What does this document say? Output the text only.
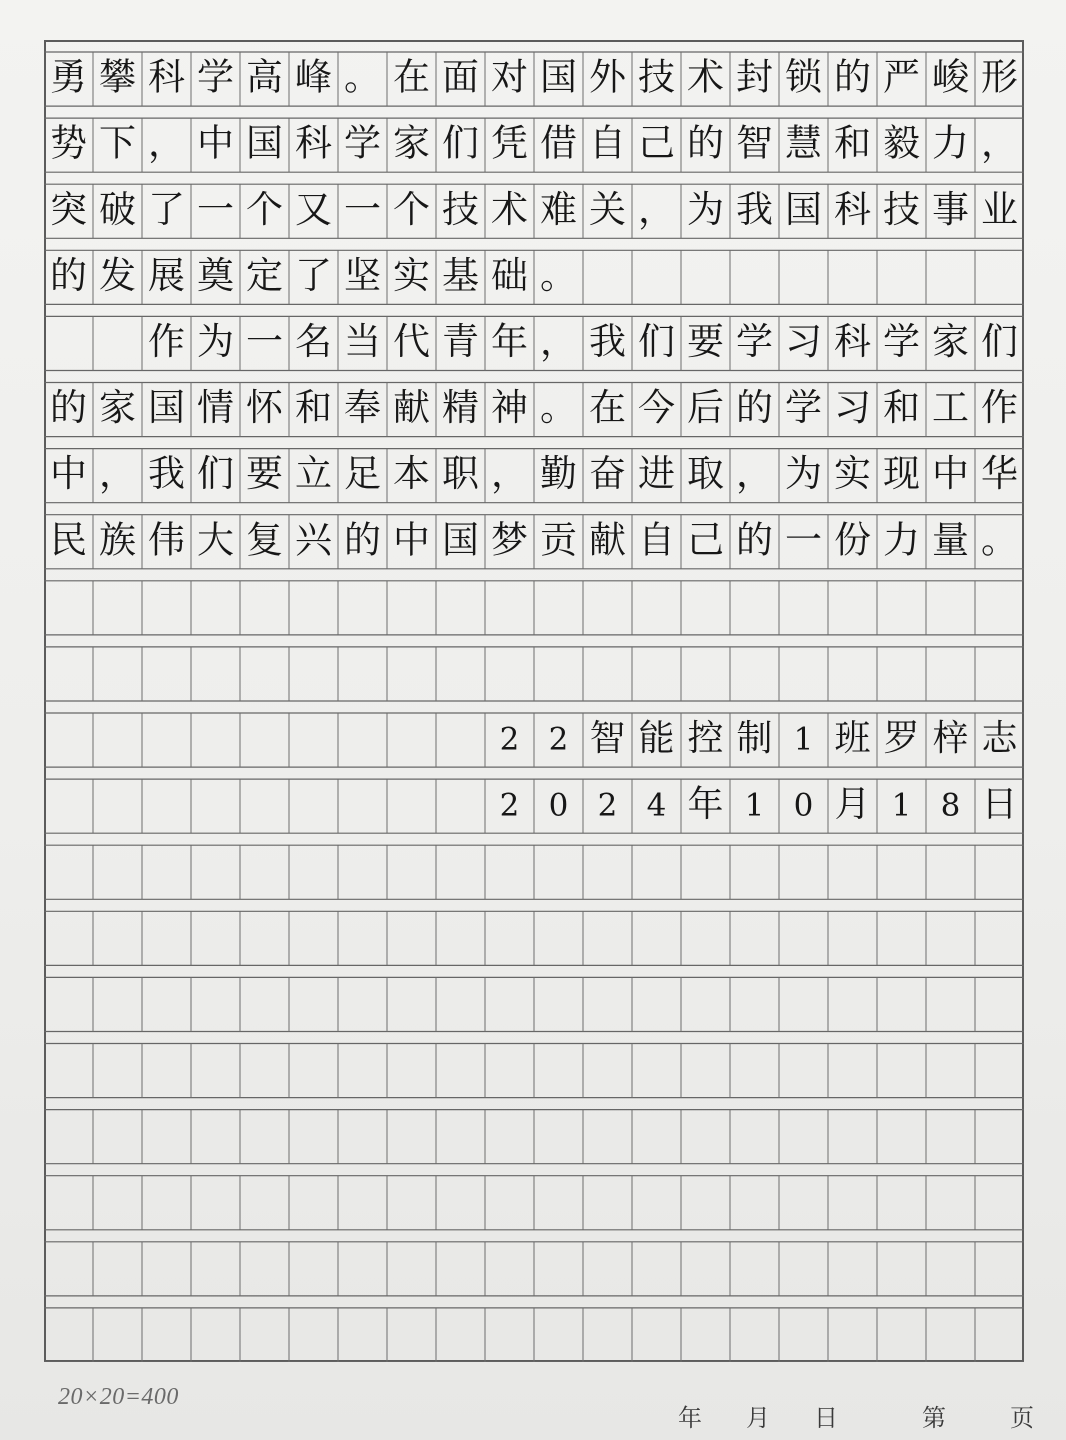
勇 攀 科 学 高 峰 。 在 面 对 国 外 技 术 封 锁 的 严 峻 形
势 下 ， 中 国 科 学 家 们 凭 借 自 己 的 智 慧 和 毅 力 ，
突 破 了 一 个 又 一 个 技 术 难 关 ， 为 我 国 科 技 事 业
的 发 展 奠 定 了 坚 实 基 础 。
作 为 一 名 当 代 青 年 ， 我 们 要 学 习 科 学 家 们
的 家 国 情 怀 和 奉 献 精 神 。 在 今 后 的 学 习 和 工 作
中 ， 我 们 要 立 足 本 职 ， 勤 奋 进 取 ， 为 实 现 中 华
民 族 伟 大 复 兴 的 中 国 梦 贡 献 自 己 的 一 份 力 量 。
2 2 智 能 控 制 1 班 罗 梓 志
2 0 2 4 年 1 0 月 1 8 日
20×20=400
年 月 日	第	页
